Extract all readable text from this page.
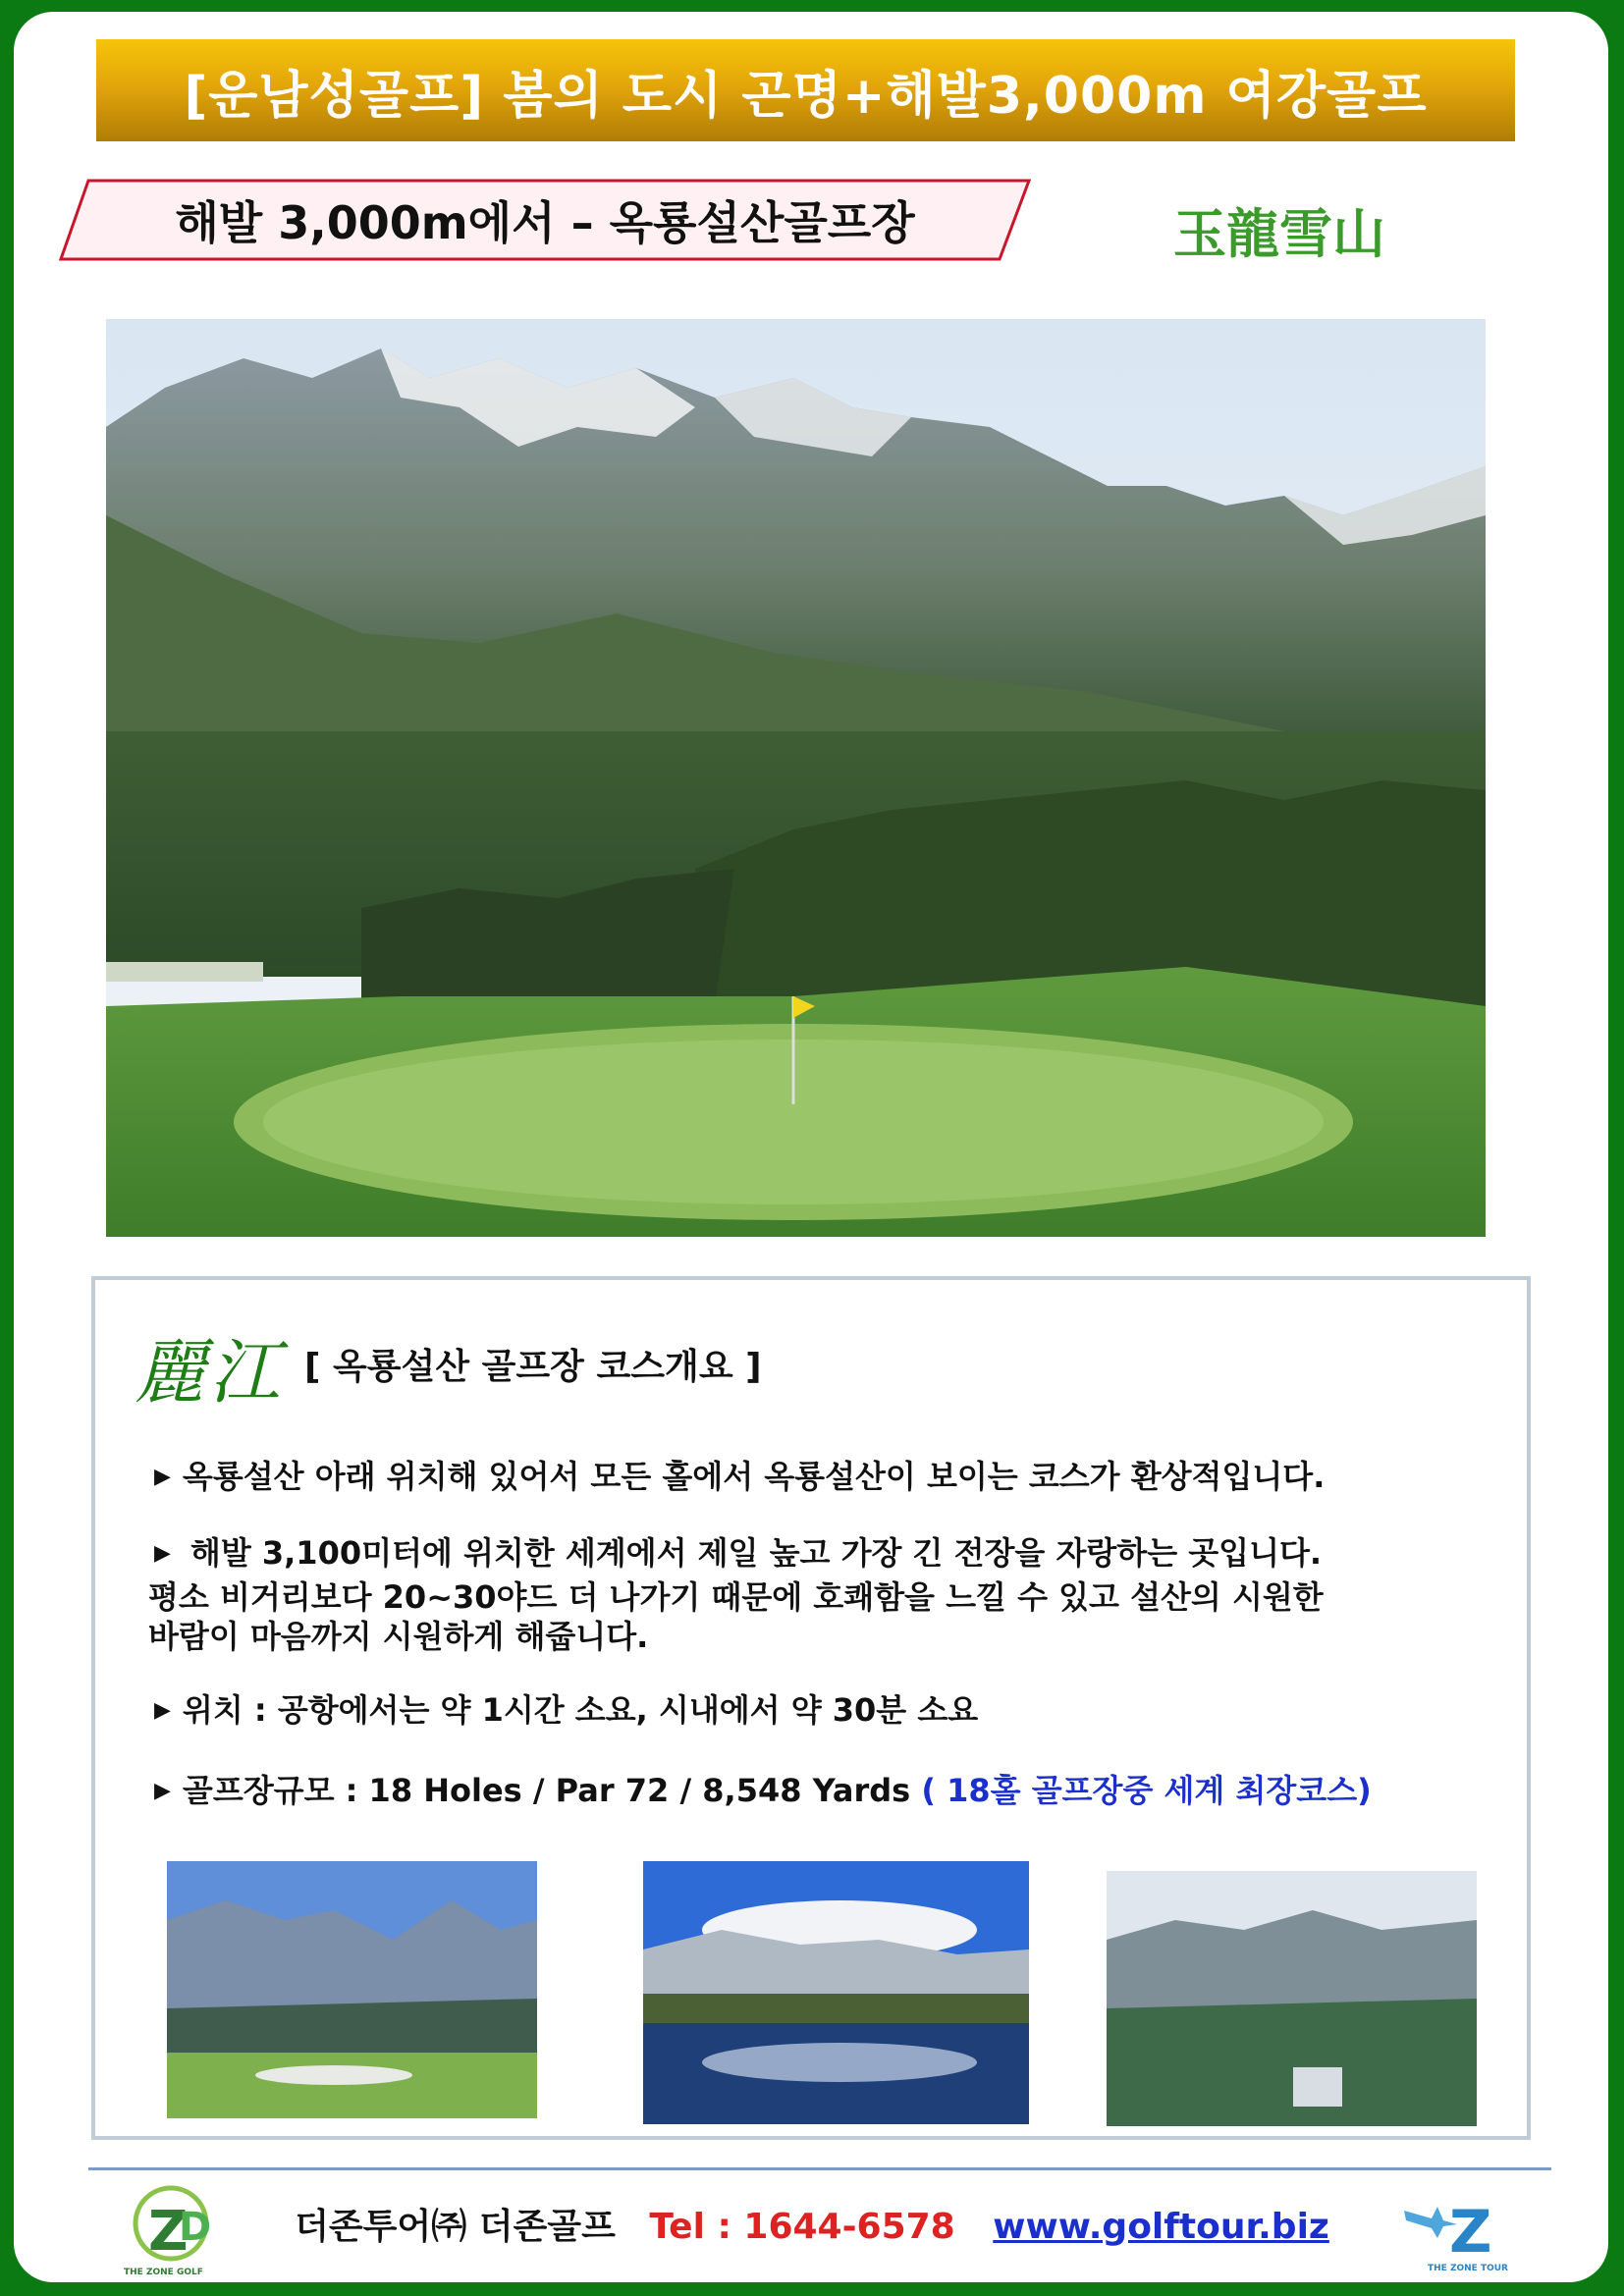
[운남성골프] 봄의 도시 곤명+해발3,000m 여강골프
해발 3,000m에서 – 옥룡설산골프장	玉龍雪山
麗江 [ 옥룡설산 골프장 코스개요 ]
▶ 옥룡설산 아래 위치해 있어서 모든 홀에서 옥룡설산이 보이는 코스가 환상적입니다.
▶ 해발 3,100미터에 위치한 세계에서 제일 높고 가장 긴 전장을 자랑하는 곳입니다.
평소 비거리보다 20~30야드 더 나가기 때문에 호쾌함을 느낄 수 있고 설산의 시원한
바람이 마음까지 시원하게 해줍니다.
▶ 위치 : 공항에서는 약 1시간 소요, 시내에서 약 30분 소요
▶ 골프장규모 : 18 Holes / Par 72 / 8,548 Yards ( 18홀 골프장중 세계 최장코스)
Z
D
THE ZONE GOLF
더존투어㈜ 더존골프 Tel : 1644-6578 www.golftour.biz	Z
THE ZONE TOUR
